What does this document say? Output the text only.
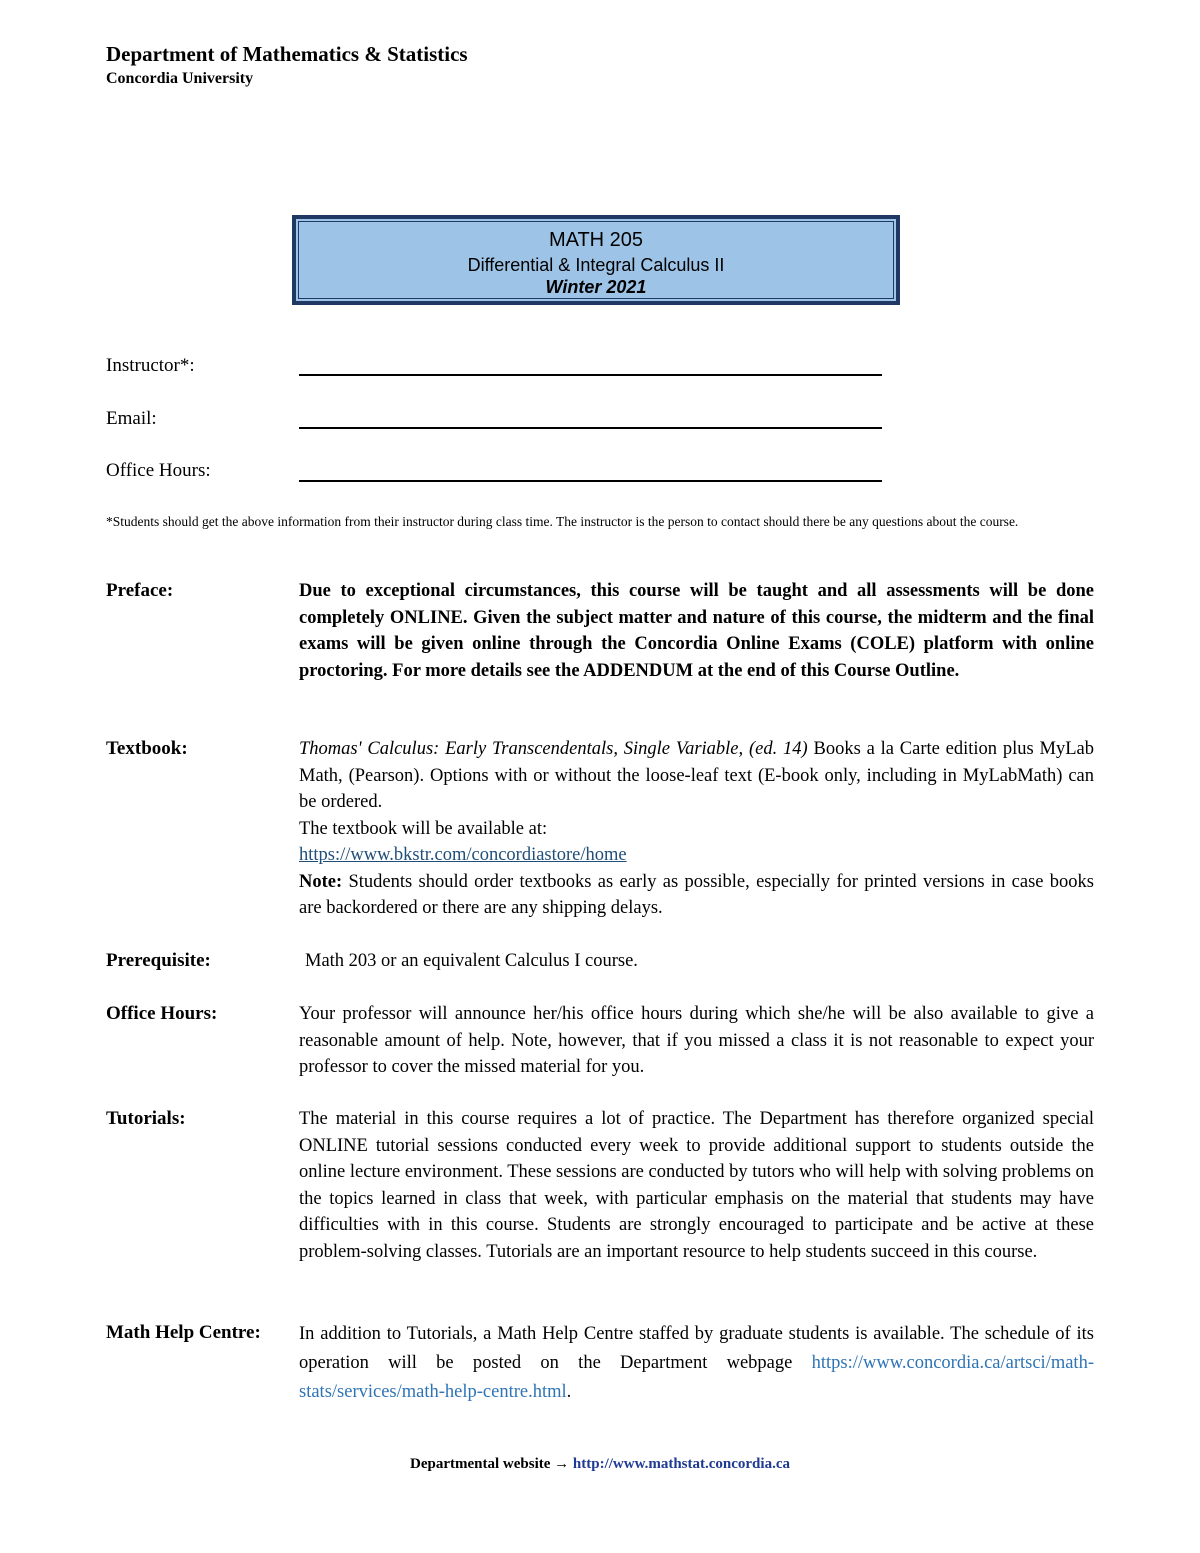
Department of Mathematics & Statistics
Concordia University
MATH 205
Differential & Integral Calculus II
Winter 2021
Instructor*:
Email:
Office Hours:
*Students should get the above information from their instructor during class time. The instructor is the person to contact should there be any questions about the course.
Preface:	Due to exceptional circumstances, this course will be taught and all assessments will be done completely ONLINE. Given the subject matter and nature of this course, the midterm and the final exams will be given online through the Concordia Online Exams (COLE) platform with online proctoring. For more details see the ADDENDUM at the end of this Course Outline.
Textbook:	Thomas' Calculus: Early Transcendentals, Single Variable, (ed. 14) Books a la Carte edition plus MyLab Math, (Pearson). Options with or without the loose-leaf text (E-book only, including in MyLabMath) can be ordered.

The textbook will be available at:

https://www.bkstr.com/concordiastore/home

Note: Students should order textbooks as early as possible, especially for printed versions in case books are backordered or there are any shipping delays.

Prerequisite:	Math 203 or an equivalent Calculus I course.
Office Hours:	Your professor will announce her/his office hours during which she/he will be also available to give a reasonable amount of help. Note, however, that if you missed a class it is not reasonable to expect your professor to cover the missed material for you.
Tutorials:	The material in this course requires a lot of practice. The Department has therefore organized special ONLINE tutorial sessions conducted every week to provide additional support to students outside the online lecture environment. These sessions are conducted by tutors who will help with solving problems on the topics learned in class that week, with particular emphasis on the material that students may have difficulties with in this course. Students are strongly encouraged to participate and be active at these problem-solving classes. Tutorials are an important resource to help students succeed in this course.
Math Help Centre: In addition to Tutorials, a Math Help Centre staffed by graduate students is available. The schedule of its operation will be posted on the Department webpage https://www.concordia.ca/artsci/math-stats/services/math-help-centre.html.
Departmental website → http://www.mathstat.concordia.ca
